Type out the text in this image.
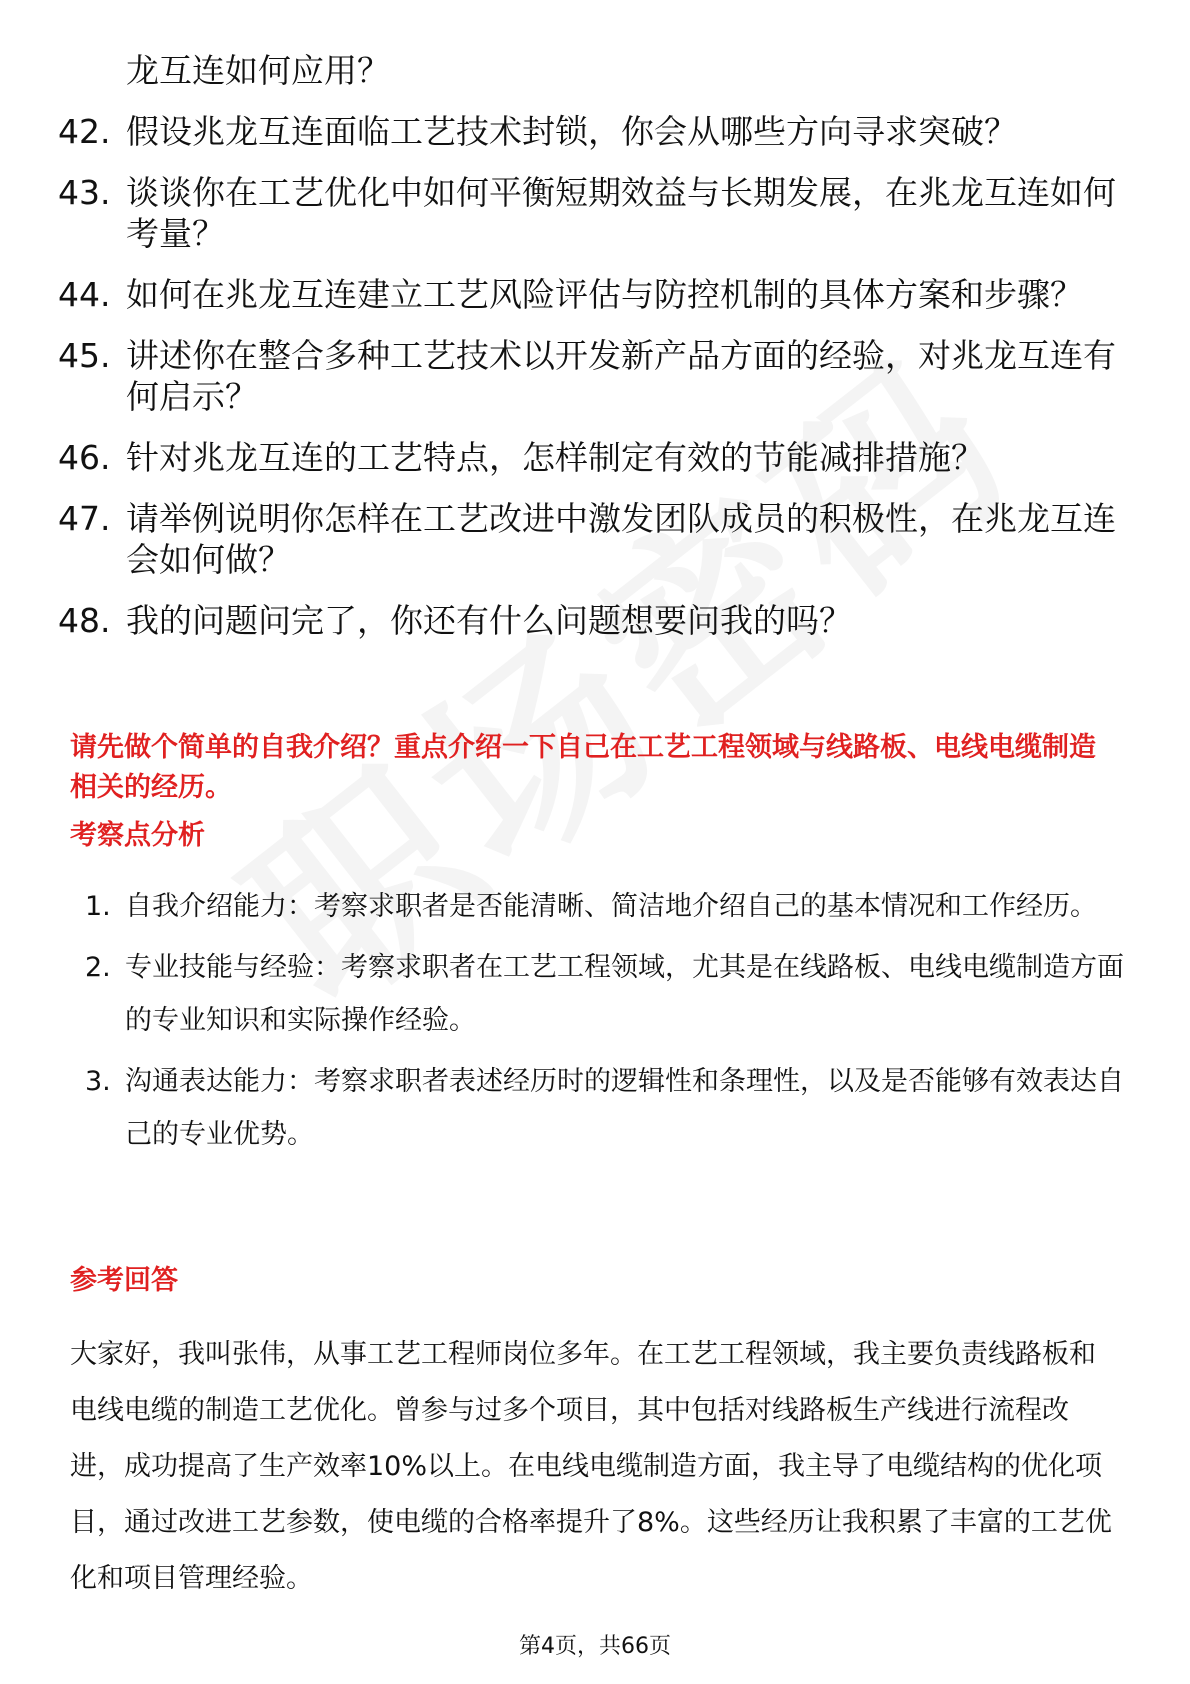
龙互连如何应用？
42. 假设兆龙互连面临工艺技术封锁，你会从哪些方向寻求突破？
43. 谈谈你在工艺优化中如何平衡短期效益与长期发展，在兆龙互连如何考量？
44. 如何在兆龙互连建立工艺风险评估与防控机制的具体方案和步骤？
45. 讲述你在整合多种工艺技术以开发新产品方面的经验，对兆龙互连有何启示？
46. 针对兆龙互连的工艺特点，怎样制定有效的节能减排措施？
47. 请举例说明你怎样在工艺改进中激发团队成员的积极性，在兆龙互连会如何做？
48. 我的问题问完了，你还有什么问题想要问我的吗？
请先做个简单的自我介绍？重点介绍一下自己在工艺工程领域与线路板、电线电缆制造相关的经历。
考察点分析
1. 自我介绍能力：考察求职者是否能清晰、简洁地介绍自己的基本情况和工作经历。
2. 专业技能与经验：考察求职者在工艺工程领域，尤其是在线路板、电线电缆制造方面的专业知识和实际操作经验。
3. 沟通表达能力：考察求职者表述经历时的逻辑性和条理性，以及是否能够有效表达自己的专业优势。
参考回答
大家好，我叫张伟，从事工艺工程师岗位多年。在工艺工程领域，我主要负责线路板和电线电缆的制造工艺优化。曾参与过多个项目，其中包括对线路板生产线进行流程改进，成功提高了生产效率10%以上。在电线电缆制造方面，我主导了电缆结构的优化项目，通过改进工艺参数，使电缆的合格率提升了8%。这些经历让我积累了丰富的工艺优化和项目管理经验。
第4页，共66页
